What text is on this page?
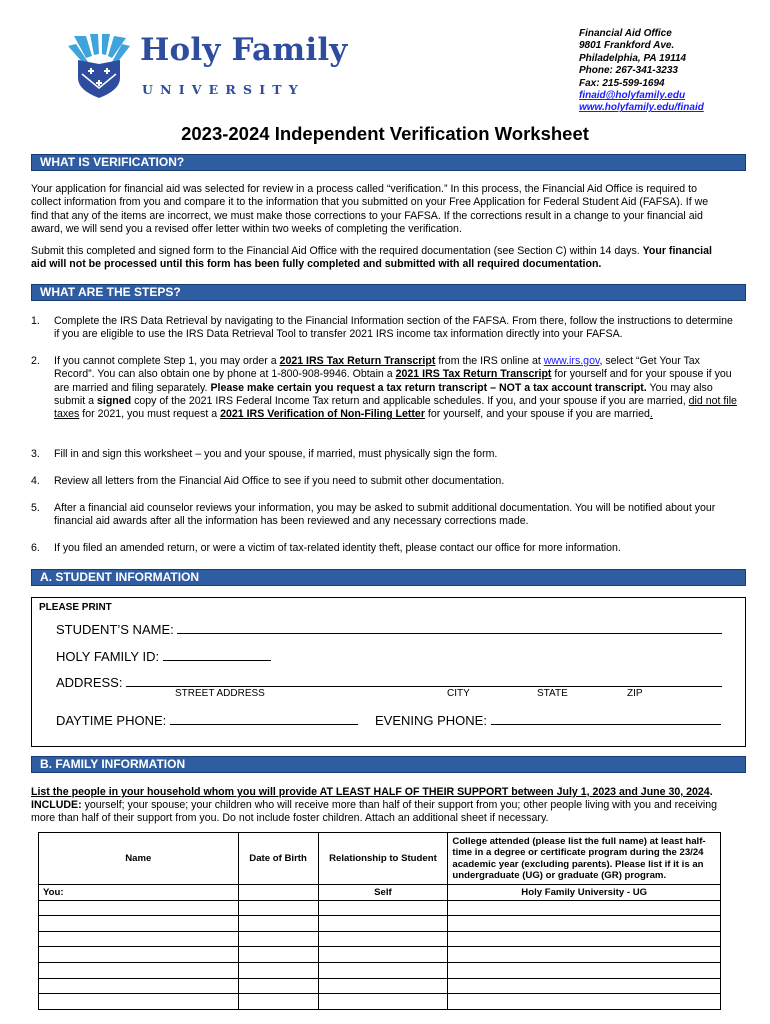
Holy Family
UNIVERSITY
Financial Aid Office
9801 Frankford Ave.
Philadelphia, PA 19114
Phone: 267-341-3233
Fax: 215-599-1694
finaid@holyfamily.edu
www.holyfamily.edu/finaid
2023-2024 Independent Verification Worksheet
WHAT IS VERIFICATION?
Your application for financial aid was selected for review in a process called “verification.” In this process, the Financial Aid Office is required to collect information from you and compare it to the information that you submitted on your Free Application for Federal Student Aid (FAFSA). If we find that any of the items are incorrect, we must make those corrections to your FAFSA. If the corrections result in a change to your financial aid award, we will send you a revised offer letter within two weeks of completing the verification.
Submit this completed and signed form to the Financial Aid Office with the required documentation (see Section C) within 14 days. Your financial aid will not be processed until this form has been fully completed and submitted with all required documentation.
WHAT ARE THE STEPS?
1.	Complete the IRS Data Retrieval by navigating to the Financial Information section of the FAFSA. From there, follow the instructions to determine if you are eligible to use the IRS Data Retrieval Tool to transfer 2021 IRS income tax information directly into your FAFSA.
2.	If you cannot complete Step 1, you may order a 2021 IRS Tax Return Transcript from the IRS online at www.irs.gov, select “Get Your Tax Record”. You can also obtain one by phone at 1-800-908-9946. Obtain a 2021 IRS Tax Return Transcript for yourself and for your spouse if you are married and filing separately. Please make certain you request a tax return transcript – NOT a tax account transcript. You may also submit a signed copy of the 2021 IRS Federal Income Tax return and applicable schedules. If you, and your spouse if you are married, did not file taxes for 2021, you must request a 2021 IRS Verification of Non-Filing Letter for yourself, and your spouse if you are married.
3.	Fill in and sign this worksheet – you and your spouse, if married, must physically sign the form.
4.	Review all letters from the Financial Aid Office to see if you need to submit other documentation.
5.	After a financial aid counselor reviews your information, you may be asked to submit additional documentation. You will be notified about your financial aid awards after all the information has been reviewed and any necessary corrections made.
6.	If you filed an amended return, or were a victim of tax-related identity theft, please contact our office for more information.
A. STUDENT INFORMATION
PLEASE PRINT
STUDENT’S NAME:
HOLY FAMILY ID:
ADDRESS:
STREET ADDRESS	CITY	STATE	ZIP
DAYTIME PHONE:	EVENING PHONE:
B. FAMILY INFORMATION
List the people in your household whom you will provide AT LEAST HALF OF THEIR SUPPORT between July 1, 2023 and June 30, 2024. INCLUDE: yourself; your spouse; your children who will receive more than half of their support from you; other people living with you and receiving more than half of their support from you. Do not include foster children. Attach an additional sheet if necessary.
Name	Date of Birth	Relationship to Student	College attended (please list the full name) at least half-time in a degree or certificate program during the 23/24 academic year (excluding parents). Please list if it is an undergraduate (UG) or graduate (GR) program.
You:		Self	Holy Family University - UG
